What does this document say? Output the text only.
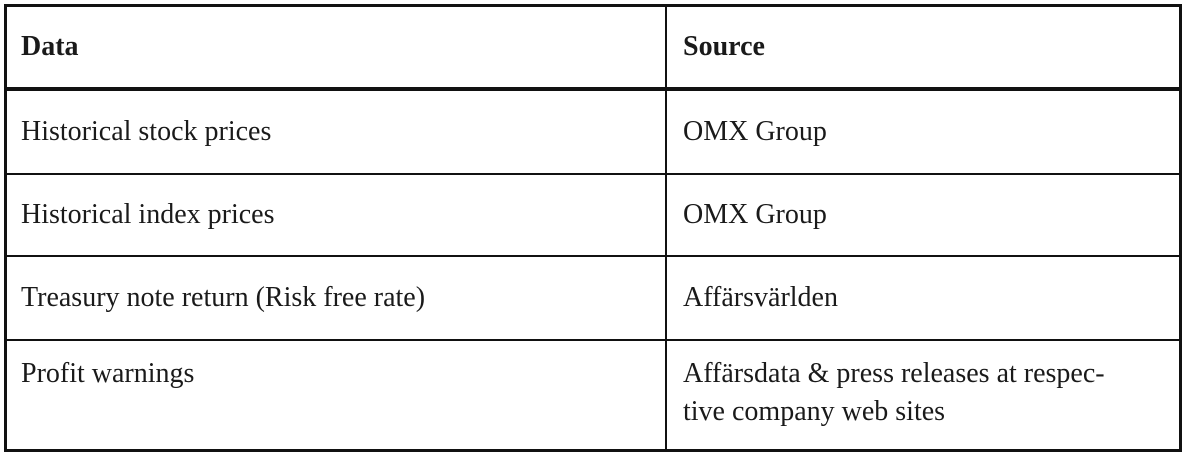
Data	Source
Historical stock prices	OMX Group
Historical index prices	OMX Group
Treasury note return (Risk free rate)	Affärsvärlden
Profit warnings	Affärsdata & press releases at respec-
tive company web sites
